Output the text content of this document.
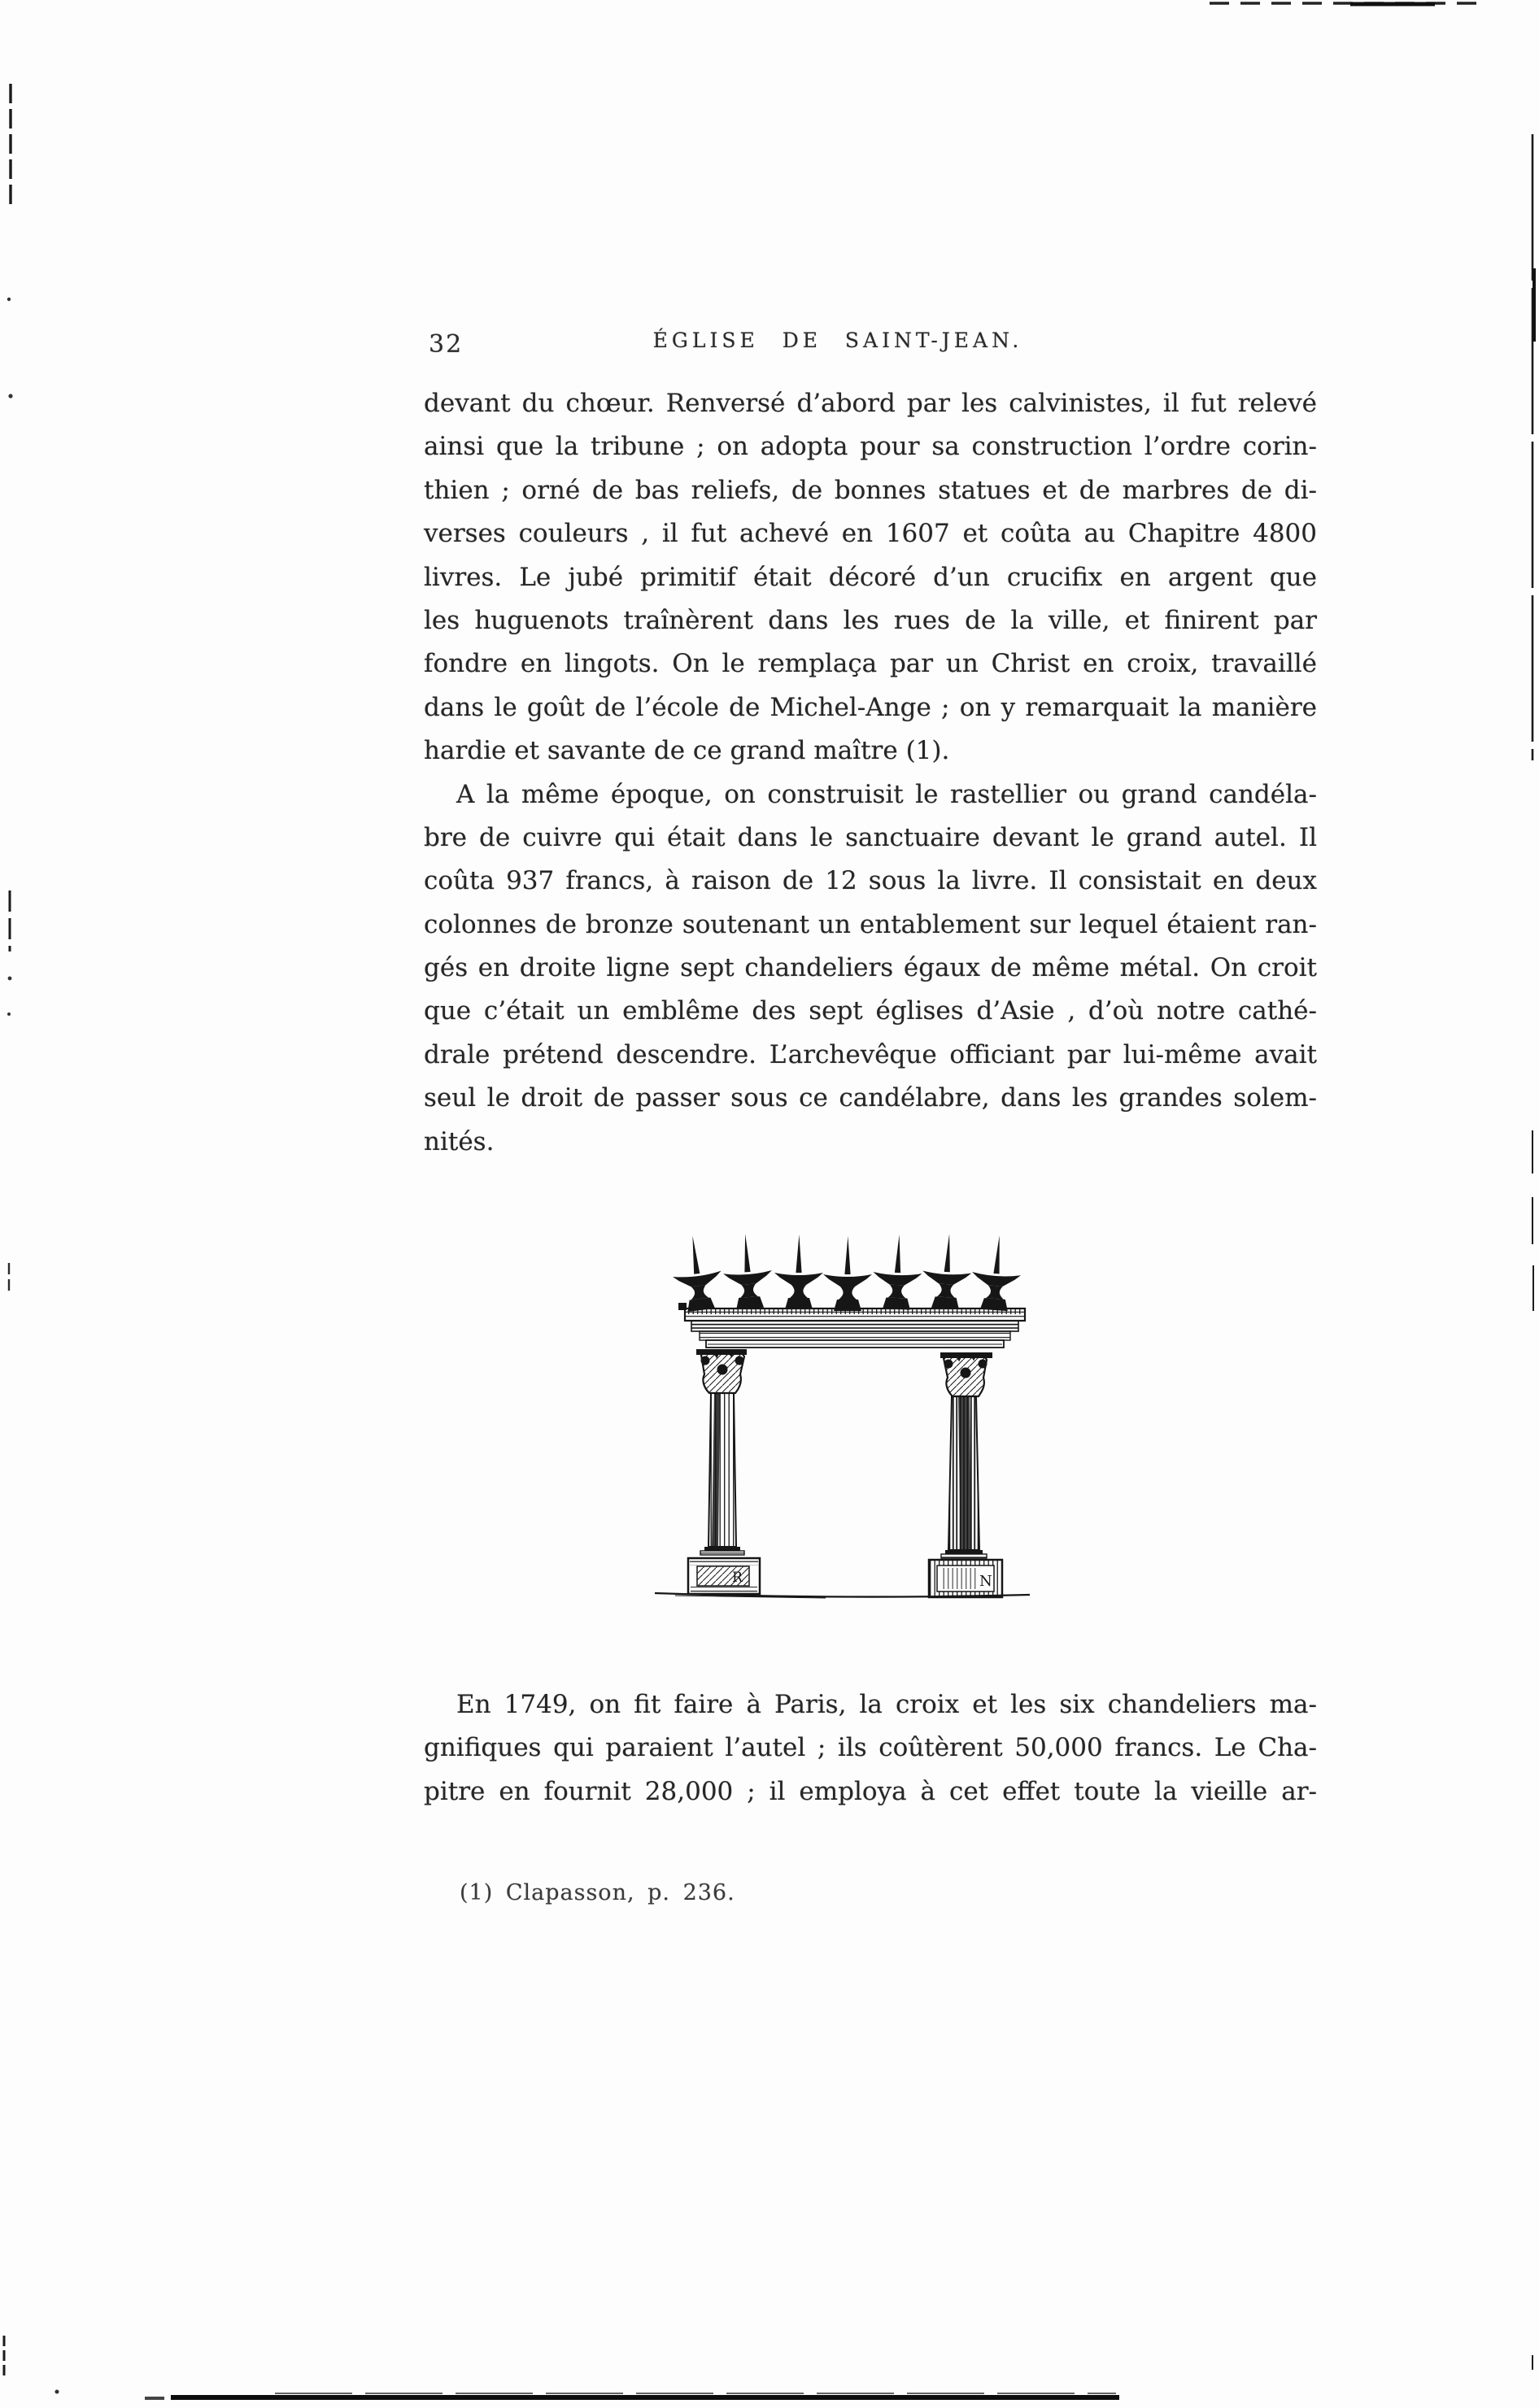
32	ÉGLISE DE SAINT-JEAN.
devant du chœur. Renversé d’abord par les calvinistes, il fut relevé
ainsi que la tribune ; on adopta pour sa construction l’ordre corin-
thien ; orné de bas reliefs, de bonnes statues et de marbres de di-
verses couleurs , il fut achevé en 1607 et coûta au Chapitre 4800
livres. Le jubé primitif était décoré d’un crucifix en argent que
les huguenots traînèrent dans les rues de la ville, et finirent par
fondre en lingots. On le remplaça par un Christ en croix, travaillé
dans le goût de l’école de Michel-Ange ; on y remarquait la manière
hardie et savante de ce grand maître (1).
A la même époque, on construisit le rastellier ou grand candéla-
bre de cuivre qui était dans le sanctuaire devant le grand autel. Il
coûta 937 francs, à raison de 12 sous la livre. Il consistait en deux
colonnes de bronze soutenant un entablement sur lequel étaient ran-
gés en droite ligne sept chandeliers égaux de même métal. On croit
que c’était un emblême des sept églises d’Asie , d’où notre cathé-
drale prétend descendre. L’archevêque officiant par lui-même avait
seul le droit de passer sous ce candélabre, dans les grandes solem-
nités.
R	N
En 1749, on fit faire à Paris, la croix et les six chandeliers ma-
gnifiques qui paraient l’autel ; ils coûtèrent 50,000 francs. Le Cha-
pitre en fournit 28,000 ; il employa à cet effet toute la vieille ar-
(1) Clapasson, p. 236.
